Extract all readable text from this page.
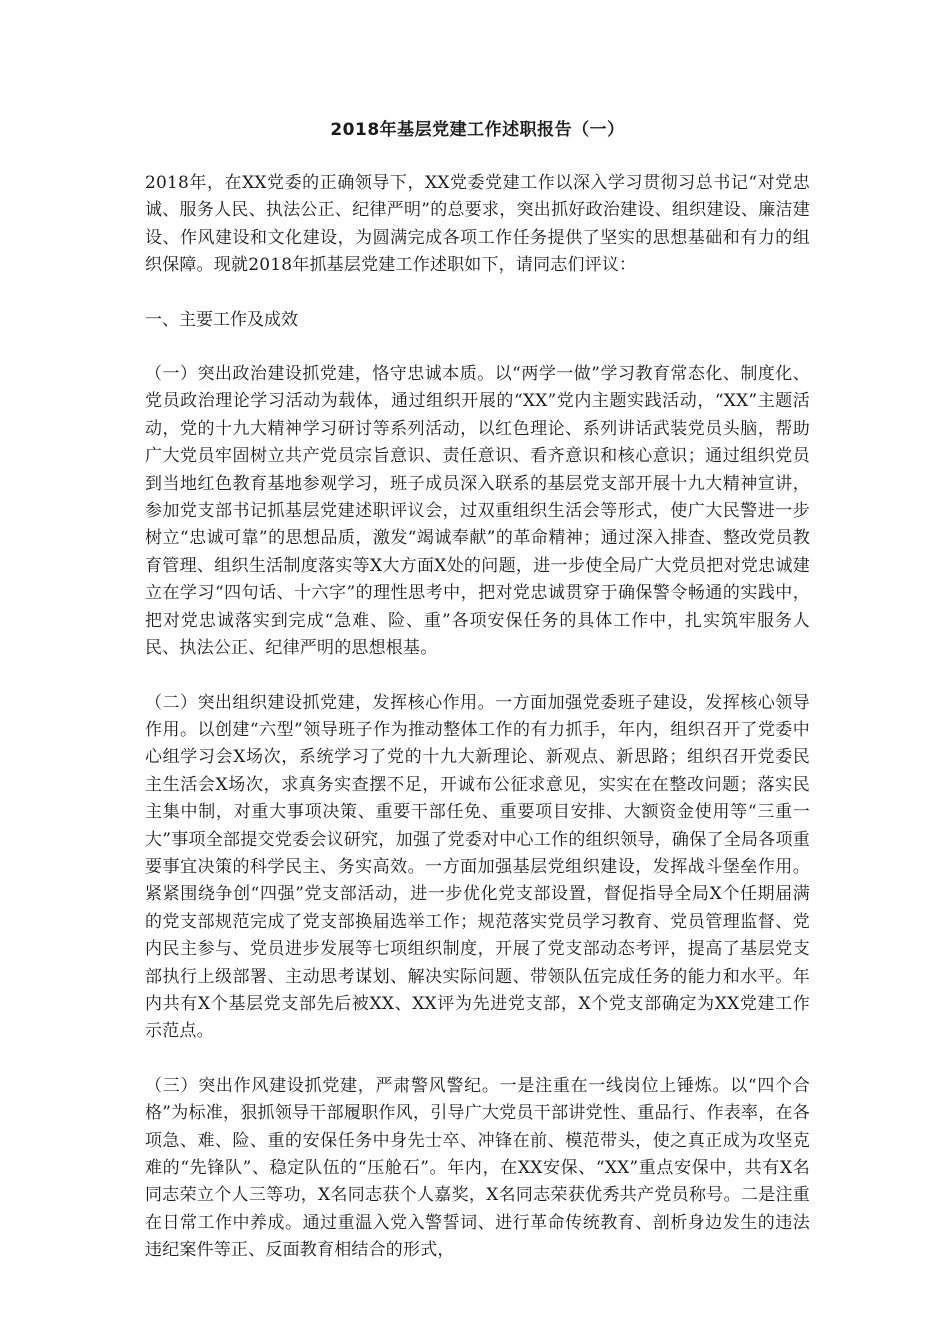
2018年基层党建工作述职报告（一）

2018年，在XX党委的正确领导下，XX党委党建工作以深入学习贯彻习总书记“对党忠诚、服务人民、执法公正、纪律严明”的总要求，突出抓好政治建设、组织建设、廉洁建设、作风建设和文化建设，为圆满完成各项工作任务提供了坚实的思想基础和有力的组织保障。现就2018年抓基层党建工作述职如下，请同志们评议：

一、主要工作及成效

（一）突出政治建设抓党建，恪守忠诚本质。以“两学一做”学习教育常态化、制度化、党员政治理论学习活动为载体，通过组织开展的“XX”党内主题实践活动，“XX”主题活动，党的十九大精神学习研讨等系列活动，以红色理论、系列讲话武装党员头脑，帮助广大党员牢固树立共产党员宗旨意识、责任意识、看齐意识和核心意识；通过组织党员到当地红色教育基地参观学习，班子成员深入联系的基层党支部开展十九大精神宣讲，参加党支部书记抓基层党建述职评议会，过双重组织生活会等形式，使广大民警进一步树立“忠诚可靠”的思想品质，激发“竭诚奉献”的革命精神；通过深入排查、整改党员教育管理、组织生活制度落实等X大方面X处的问题，进一步使全局广大党员把对党忠诚建立在学习“四句话、十六字”的理性思考中，把对党忠诚贯穿于确保警令畅通的实践中，把对党忠诚落实到完成“急难、险、重”各项安保任务的具体工作中，扎实筑牢服务人民、执法公正、纪律严明的思想根基。

（二）突出组织建设抓党建，发挥核心作用。一方面加强党委班子建设，发挥核心领导作用。以创建“六型”领导班子作为推动整体工作的有力抓手，年内，组织召开了党委中心组学习会X场次，系统学习了党的十九大新理论、新观点、新思路；组织召开党委民主生活会X场次，求真务实查摆不足，开诚布公征求意见，实实在在整改问题；落实民主集中制，对重大事项决策、重要干部任免、重要项目安排、大额资金使用等“三重一大”事项全部提交党委会议研究，加强了党委对中心工作的组织领导，确保了全局各项重要事宜决策的科学民主、务实高效。一方面加强基层党组织建设，发挥战斗堡垒作用。紧紧围绕争创“四强”党支部活动，进一步优化党支部设置，督促指导全局X个任期届满的党支部规范完成了党支部换届选举工作；规范落实党员学习教育、党员管理监督、党内民主参与、党员进步发展等七项组织制度，开展了党支部动态考评，提高了基层党支部执行上级部署、主动思考谋划、解决实际问题、带领队伍完成任务的能力和水平。年内共有X个基层党支部先后被XX、XX评为先进党支部，X个党支部确定为XX党建工作示范点。

（三）突出作风建设抓党建，严肃警风警纪。一是注重在一线岗位上锤炼。以“四个合格”为标准，狠抓领导干部履职作风，引导广大党员干部讲党性、重品行、作表率，在各项急、难、险、重的安保任务中身先士卒、冲锋在前、模范带头，使之真正成为攻坚克难的“先锋队”、稳定队伍的“压舱石”。年内，在XX安保、“XX”重点安保中，共有X名同志荣立个人三等功，X名同志获个人嘉奖，X名同志荣获优秀共产党员称号。二是注重在日常工作中养成。通过重温入党入警誓词、进行革命传统教育、剖析身边发生的违法违纪案件等正、反面教育相结合的形式，
